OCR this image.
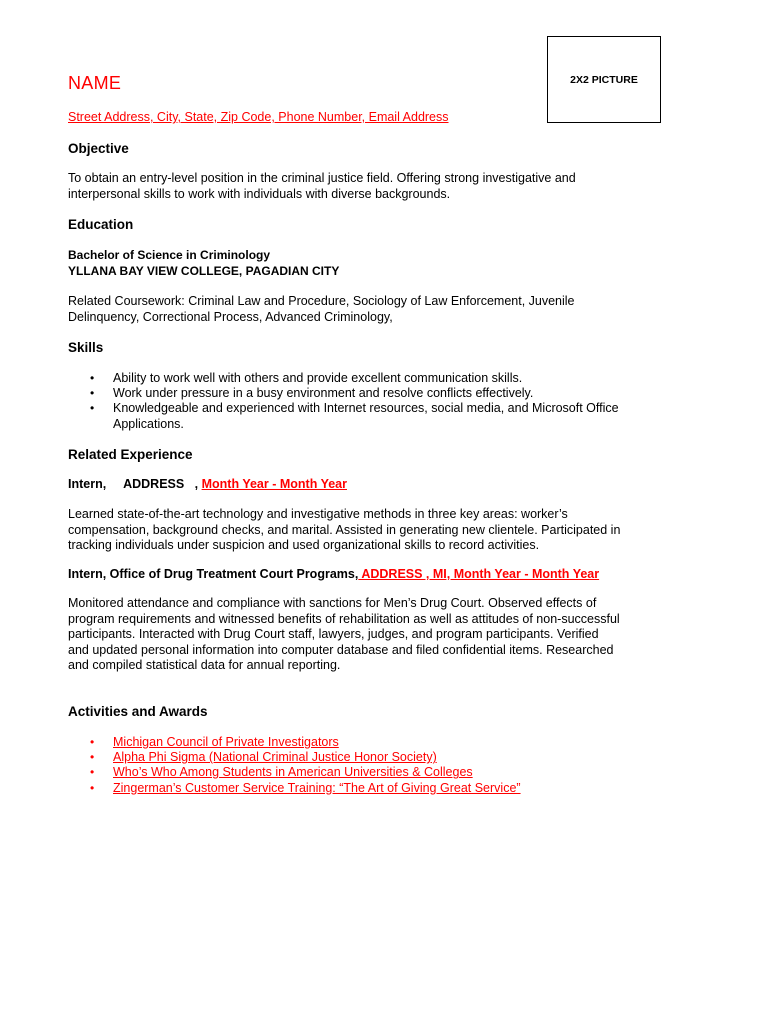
2X2 PICTURE
NAME
Street Address, City, State, Zip Code, Phone Number, Email Address
Objective
To obtain an entry-level position in the criminal justice field. Offering strong investigative and
interpersonal skills to work with individuals with diverse backgrounds.
Education
Bachelor of Science in Criminology
YLLANA BAY VIEW COLLEGE, PAGADIAN CITY
Related Coursework: Criminal Law and Procedure, Sociology of Law Enforcement, Juvenile
Delinquency, Correctional Process, Advanced Criminology,
Skills
• Ability to work well with others and provide excellent communication skills.
• Work under pressure in a busy environment and resolve conflicts effectively.
• Knowledgeable and experienced with Internet resources, social media, and Microsoft Office
Applications.
Related Experience
Intern,     ADDRESS   , Month Year - Month Year
Learned state-of-the-art technology and investigative methods in three key areas: worker’s
compensation, background checks, and marital. Assisted in generating new clientele. Participated in
tracking individuals under suspicion and used organizational skills to record activities.
Intern, Office of Drug Treatment Court Programs, ADDRESS , MI, Month Year - Month Year
Monitored attendance and compliance with sanctions for Men’s Drug Court. Observed effects of
program requirements and witnessed benefits of rehabilitation as well as attitudes of non-successful
participants. Interacted with Drug Court staff, lawyers, judges, and program participants. Verified
and updated personal information into computer database and filed confidential items. Researched
and compiled statistical data for annual reporting.
Activities and Awards
• Michigan Council of Private Investigators
• Alpha Phi Sigma (National Criminal Justice Honor Society)
• Who’s Who Among Students in American Universities & Colleges
• Zingerman’s Customer Service Training: “The Art of Giving Great Service”
